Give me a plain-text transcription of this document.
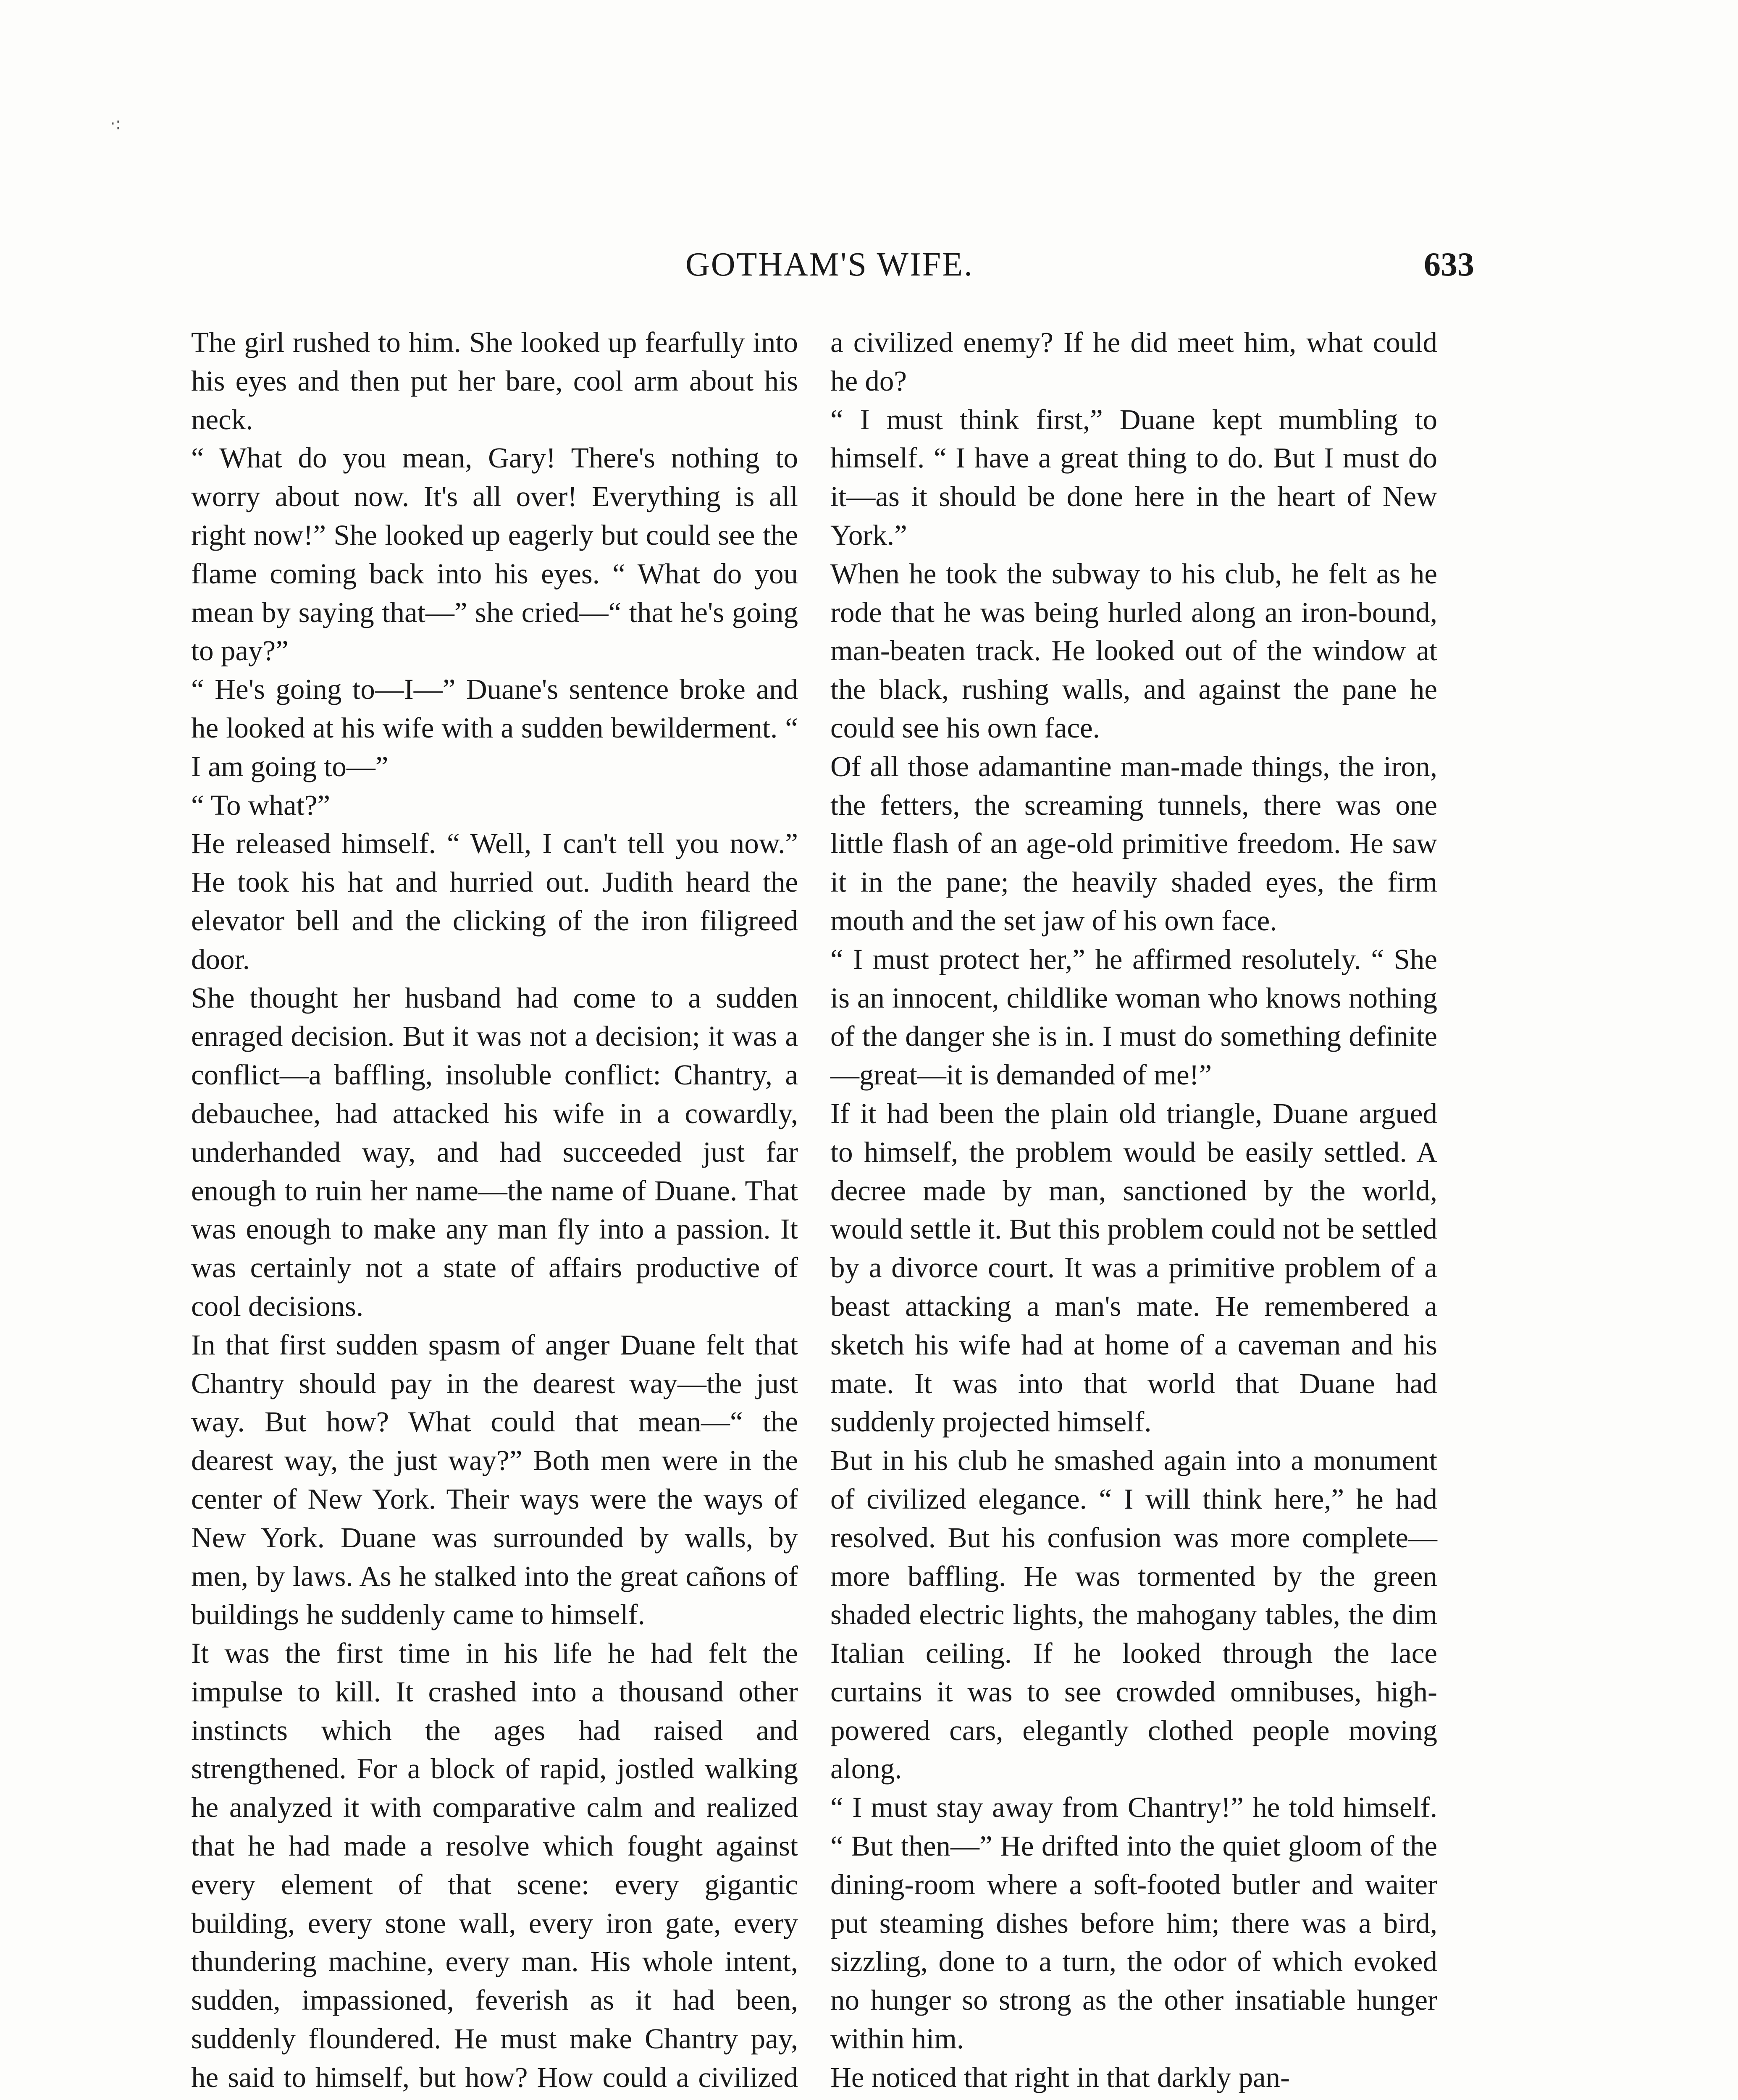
·:
GOTHAM'S WIFE.	633

The girl rushed to him. She looked up fearfully into his eyes and then put her bare, cool arm about his neck.

“ What do you mean, Gary! There's nothing to worry about now. It's all over! Everything is all right now!” She looked up eagerly but could see the flame coming back into his eyes. “ What do you mean by saying that—” she cried—“ that he's going to pay?”

“ He's going to—I—” Duane's sentence broke and he looked at his wife with a sudden bewilderment. “ I am going to—”

“ To what?”

He released himself. “ Well, I can't tell you now.” He took his hat and hurried out. Judith heard the elevator bell and the clicking of the iron filigreed door.

She thought her husband had come to a sudden enraged decision. But it was not a decision; it was a conflict—a baffling, insoluble conflict: Chantry, a debauchee, had attacked his wife in a cowardly, underhanded way, and had succeeded just far enough to ruin her name—the name of Duane. That was enough to make any man fly into a passion. It was certainly not a state of affairs productive of cool decisions.

In that first sudden spasm of anger Duane felt that Chantry should pay in the dearest way—the just way. But how? What could that mean—“ the dearest way, the just way?” Both men were in the center of New York. Their ways were the ways of New York. Duane was surrounded by walls, by men, by laws. As he stalked into the great cañons of buildings he suddenly came to himself.

It was the first time in his life he had felt the impulse to kill. It crashed into a thousand other instincts which the ages had raised and strengthened. For a block of rapid, jostled walking he analyzed it with comparative calm and realized that he had made a resolve which fought against every element of that scene: every gigantic building, every stone wall, every iron gate, every thundering machine, every man. His whole intent, sudden, impassioned, feverish as it had been, suddenly floundered. He must make Chantry pay, he said to himself, but how? How could a civilized

a civilized enemy? If he did meet him, what could he do?

“ I must think first,” Duane kept mumbling to himself. “ I have a great thing to do. But I must do it—as it should be done here in the heart of New York.”

When he took the subway to his club, he felt as he rode that he was being hurled along an iron-bound, man-beaten track. He looked out of the window at the black, rushing walls, and against the pane he could see his own face.

Of all those adamantine man-made things, the iron, the fetters, the screaming tunnels, there was one little flash of an age-old primitive freedom. He saw it in the pane; the heavily shaded eyes, the firm mouth and the set jaw of his own face.

“ I must protect her,” he affirmed resolutely. “ She is an innocent, childlike woman who knows nothing of the danger she is in. I must do something definite—great—it is demanded of me!”

If it had been the plain old triangle, Duane argued to himself, the problem would be easily settled. A decree made by man, sanctioned by the world, would settle it. But this problem could not be settled by a divorce court. It was a primitive problem of a beast attacking a man's mate. He remembered a sketch his wife had at home of a caveman and his mate. It was into that world that Duane had suddenly projected himself.

But in his club he smashed again into a monument of civilized elegance. “ I will think here,” he had resolved. But his confusion was more complete—more baffling. He was tormented by the green shaded electric lights, the mahogany tables, the dim Italian ceiling. If he looked through the lace curtains it was to see crowded omnibuses, high-powered cars, elegantly clothed people moving along.

“ I must stay away from Chantry!” he told himself. “ But then—” He drifted into the quiet gloom of the dining-room where a soft-footed butler and waiter put steaming dishes before him; there was a bird, sizzling, done to a turn, the odor of which evoked no hunger so strong as the other insatiable hunger within him.

He noticed that right in that darkly pan-
